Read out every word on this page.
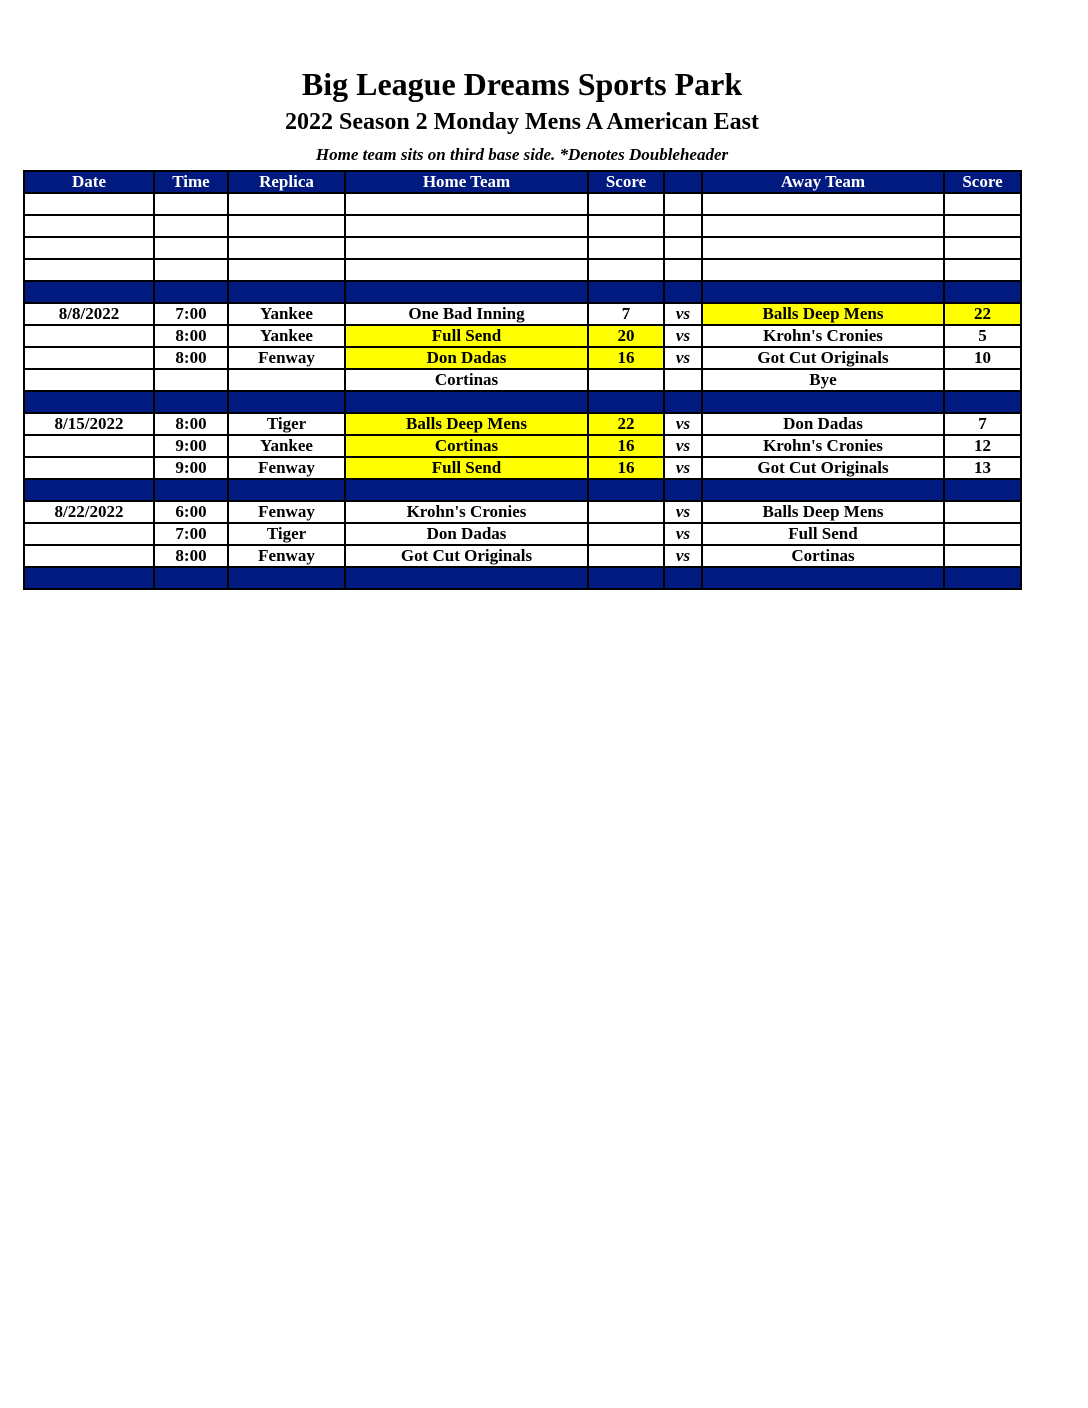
Big League Dreams Sports Park
2022 Season 2 Monday Mens A American East
Home team sits on third base side. *Denotes Doubleheader
Date	Time	Replica	Home Team	Score		Away Team	Score

8/8/2022	7:00	Yankee	One Bad Inning	7	vs	Balls Deep Mens	22
	8:00	Yankee	Full Send	20	vs	Krohn's Cronies	5
	8:00	Fenway	Don Dadas	16	vs	Got Cut Originals	10
			Cortinas			Bye	

8/15/2022	8:00	Tiger	Balls Deep Mens	22	vs	Don Dadas	7
	9:00	Yankee	Cortinas	16	vs	Krohn's Cronies	12
	9:00	Fenway	Full Send	16	vs	Got Cut Originals	13

8/22/2022	6:00	Fenway	Krohn's Cronies		vs	Balls Deep Mens	
	7:00	Tiger	Don Dadas		vs	Full Send	
	8:00	Fenway	Got Cut Originals		vs	Cortinas	
